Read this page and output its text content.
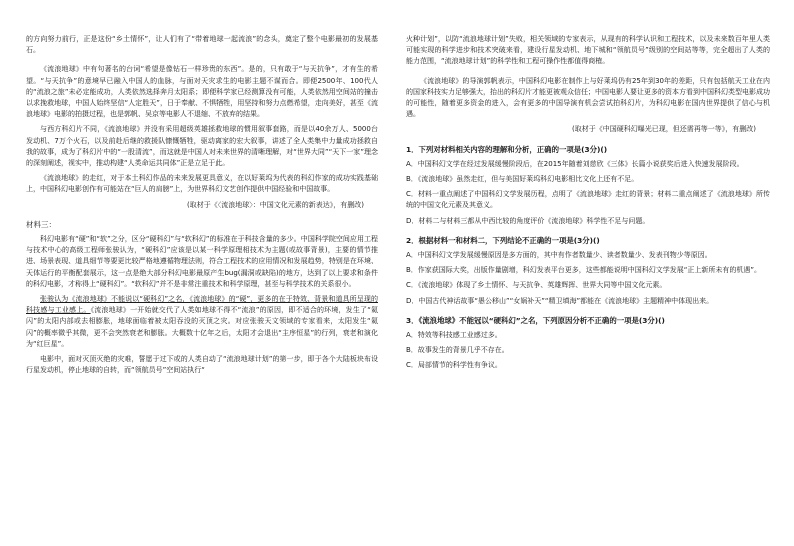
的方向努力前行，正是这份“乡土情怀”，让人们有了“带着地球一起流浪”的念头，奠定了整个电影最初的发展基石。

《流浪地球》中有句著名的台词“希望是像钻石一样珍贵的东西”。是的，只有敢于“与天抗争”，才有生的希望。“与天抗争”的意境早已融入中国人的血脉，与面对天灾求生的电影主题不谋而合。即便2500年、100代人的“流浪之旅”未必定能成功，人类依然选择奔月太阳系；即便科学家已经测算没有可能，人类依然用空间站的撞击以求挽救地球，中国人始终坚信“人定胜天”，日于奉献、不惧牺牲，用坚持和努力点燃希望，走向美好，甚至《流浪地球》电影的拍摄过程，也是郭帆、吴京等电影人不退缩、不放弃的结果。

与西方科幻片不同，《流浪地球》并没有采用超级英雄拯救地球的惯用叙事套路，而是以40余万人、5000台发动机、7万个火石，以及前赴后继的救援队慷慨牺牲，驱动离家的宏大叙事，讲述了全人类集中力量成功拯救自我的故事，成为了科幻片中的“一股清流”，而这就是中国人对未来世界的清晰理解，对“世界大同”“天下一家”理念的深刻阐述，视实中，推动构建“人类命运共同体”正是立足于此。

《流浪地球》的走红，对于本土科幻作品的未来发展更具意义，在以好莱坞为代表的科幻作家的成功实践基础上，中国科幻电影创作有可能站在“巨人的肩膀”上，为世界科幻文艺创作提供中国经验和中国故事。

(取材于《〈流浪地球〉：中国文化元素的新表达》，有删改)

材料三：

科幻电影有“硬”和“软”之分，区分“硬科幻”与“软科幻”的标准在于科技含量的多少。中国科学院空间应用工程与技术中心的高级工程师张骏认为，“硬科幻”应该是以某一科学原理相技术为主题(或故事背景)，主要的情节推进、场景表现、道具细节等要更比较严格地遵循物理法则，符合工程技术的应用情况和发展趋势，特别是在环境、天体运行的平衡配套展示，这一点是绝大部分科幻电影最原产生bug(漏洞或缺陷)的地方，达到了以上要求和条件的科幻电影，才称得上“硬科幻”。“软科幻”并不是非常注重技术和科学原理，甚至与科学技术的关系很小。

张骏认为《流浪地球》不能说以“硬科幻”之名，《流浪地球》的“硬”，更多的在于特效、背景和道具所呈现的科技感与工业感上。《流浪地球》一开始就交代了人类如地球不得不“流浪”的原因，即不适合的环境，发生了“氦闪”的太阳内部或去相膨胀，地球面临着被太阳吞没的灭顶之灾。对应张骏天文领域的专家看来，太阳发生“氦闪”的概率微乎其微，更不会突然衰老和膨胀。大概数十亿年之后，太阳才会退出“主序恒星”的行列，衰老和演化为“红巨星”。

电影中，面对灭顶灭绝的灾难，誓愿于过下或的人类自动了“流浪地球计划”的第一步，即于各个大陆板块布设行星发动机，停止地球的自转，而“领航员号”空间站执行“

火种计划”，以防“流浪地球计划”失败，相关领域的专家表示，从现有的科学认识和工程技术，以及未来数百年里人类可能实现的科学进步和技术突破来看，建设行星发动机、地下城和“领航员号”级别的空间站等等，完全超出了人类的能力范围，“流浪地球计划”的科学性和工程可操作性都值得商榷。

《流浪地球》的导演郭帆表示，中国科幻电影在制作上与好莱坞仍有25年到30年的差距，只有包括航天工业在内的国家科技实力足够强大，抬出的科幻片才能更被观众信任；中国电影人要让更多的资本方看到中国科幻类型电影成功的可能性，随着更多资金的进入，会有更多的中国导演有机会尝试拍科幻片，为科幻电影在国内世界提供了信心与机遇。

(取材于《中国硬科幻曝光已现，但还需再等一等》，有删改)

1．下列对材料相关内容的理解和分析，正确的一项是(3分)()

A．中国科幻文学在经过发展缓慢阶段后，在2015年随着刘慈欣《三体》长篇小说获奖后进入快速发展阶段。

B．《流浪地球》虽然走红，但与美国好莱坞科幻电影相比文化上还有不足。

C．材料一重点阐述了中国科幻文学发展历程，点明了《流浪地球》走红的背景；材料二重点阐述了《流浪地球》所传统的中国文化元素及其意义。

D．材料二与材料三都从中西比较的角度评价《流浪地球》科学性不足与问题。

2．根据材料一和材料二，下列结论不正确的一项是(3分)()

A．中国科幻文学发展缓慢原因是多方面的，其中有作者数量少、读者数量少、发表刊物少等原因。

B．作家获国际大奖，出版作量剧增，科幻发表平台更多，这些都能说明中国科幻文学发展“正上新所未有的机遇”。

C．《流浪地球》体现了乡土情怀、与天抗争、英雄辉挥、世界大同等中国文化元素。

D．中国古代神话故事“愚公移山”“女娲补天”“精卫填海”都能在《流浪地球》主题精神中体现出来。

3．《流浪地球》不能冠以“硬科幻”之名，下列原因分析不正确的一项是(3分)()

A．特效等科技感工业感过多。

B．故事发生的背景几乎不存在。

C．局部情节的科学性有争议。
